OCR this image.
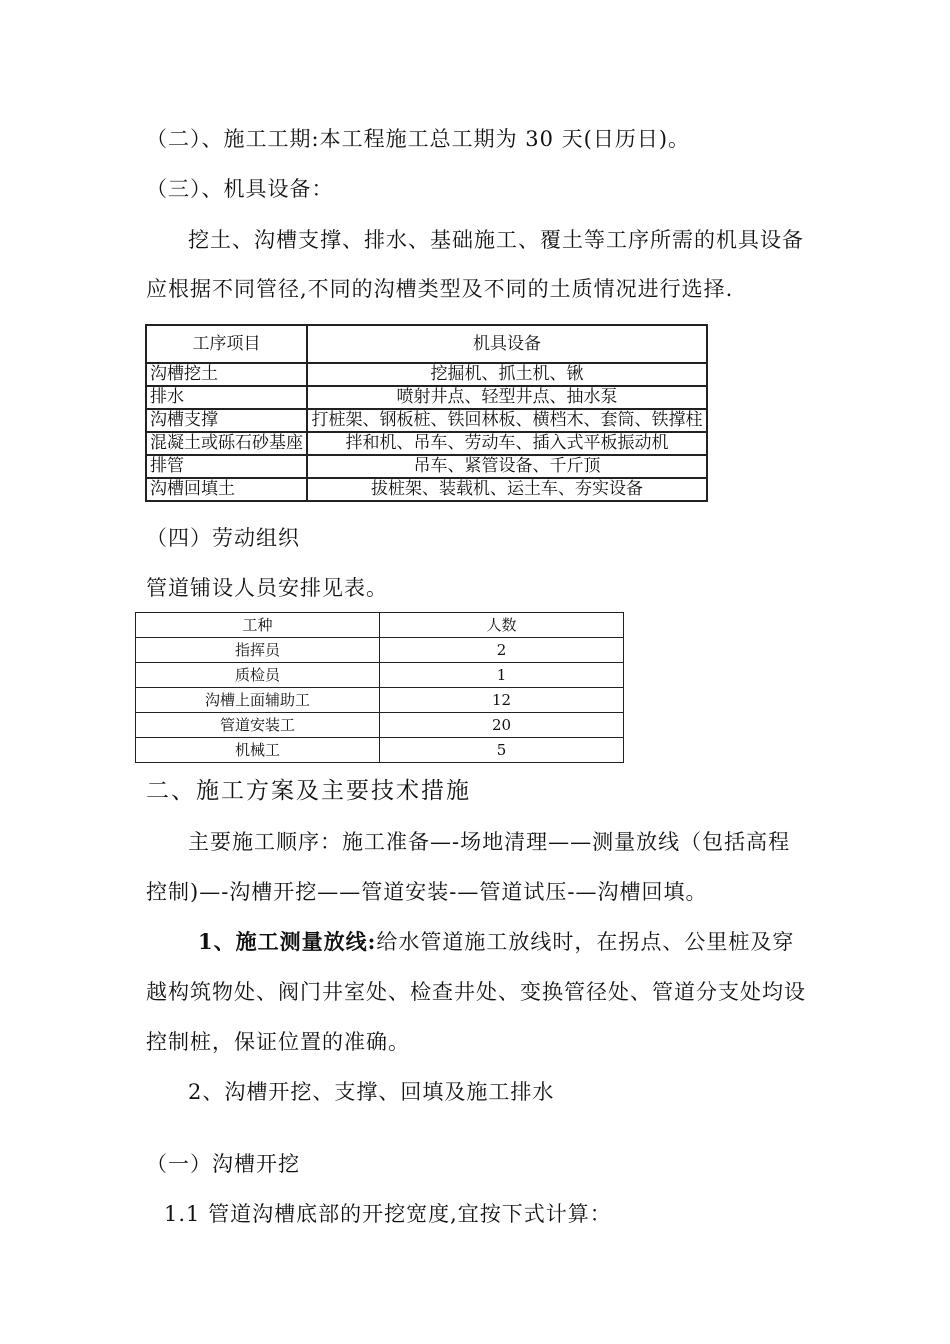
（二）、施工工期:本工程施工总工期为 30 天(日历日)。
（三）、机具设备：
挖土、沟槽支撑、排水、基础施工、覆土等工序所需的机具设备
应根据不同管径,不同的沟槽类型及不同的土质情况进行选择.
工序项目	机具设备
沟槽挖土	挖掘机、抓土机、锹
排水	喷射井点、轻型井点、抽水泵
沟槽支撑	打桩架、钢板桩、铁回林板、横档木、套筒、铁撑柱
混凝土或砾石砂基座	拌和机、吊车、劳动车、插入式平板振动机
排管	吊车、紧管设备、千斤顶
沟槽回填土	拔桩架、装载机、运土车、夯实设备
（四）劳动组织
管道铺设人员安排见表。
工种	人数
指挥员	2
质检员	1
沟槽上面辅助工	12
管道安装工	20
机械工	5
二、施工方案及主要技术措施
主要施工顺序：施工准备—-场地清理——测量放线（包括高程
控制)—-沟槽开挖——管道安装-—管道试压-—沟槽回填。
1、施工测量放线:给水管道施工放线时，在拐点、公里桩及穿
越构筑物处、阀门井室处、检查井处、变换管径处、管道分支处均设
控制桩，保证位置的准确。
2、沟槽开挖、支撑、回填及施工排水
（一）沟槽开挖
1.1 管道沟槽底部的开挖宽度,宜按下式计算：
